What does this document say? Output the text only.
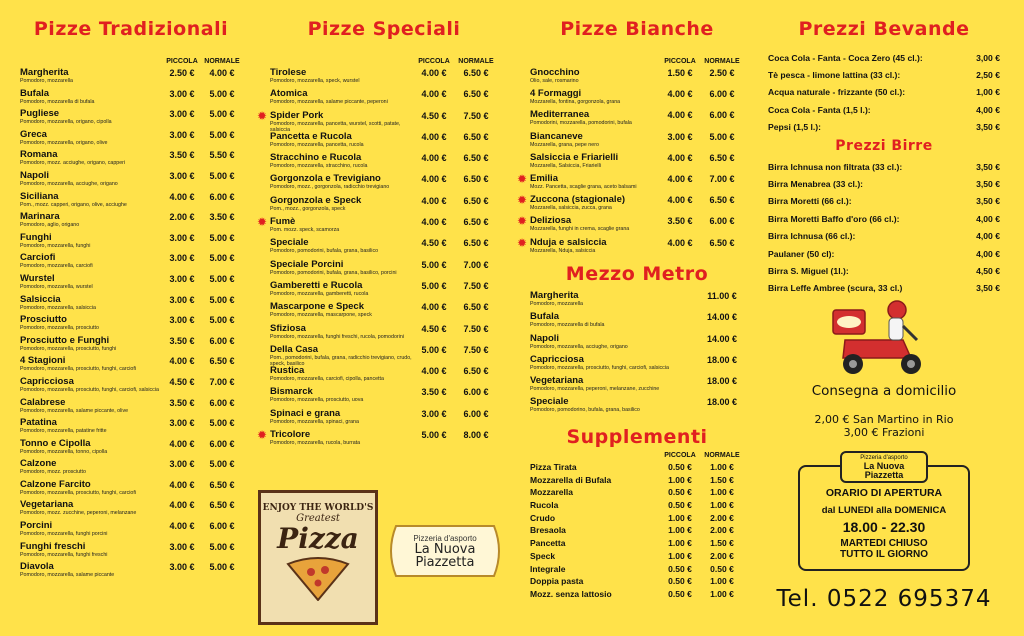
Pizze Tradizionali
PICCOLA NORMALE
Margherita
Pomodoro, mozzarella
2.50 €	4.00 €
Bufala
Pomodoro, mozzarella di bufala
3.00 €	5.00 €
Pugliese
Pomodoro, mozzarella, origano, cipolla
3.00 €	5.00 €
Greca
Pomodoro, mozzarella, origano, olive
3.00 €	5.00 €
Romana
Pomodoro, mozz. acciughe, origano, capperi
3.50 €	5.50 €
Napoli
Pomodoro, mozzarella, acciughe, origano
3.00 €	5.00 €
Siciliana
Pom., mozz. capperi, origano, olive, acciughe
4.00 €	6.00 €
Marinara
Pomodoro, aglio, origano
2.00 €	3.50 €
Funghi
Pomodoro, mozzarella, funghi
3.00 €	5.00 €
Carciofi
Pomodoro, mozzarella, carciofi
3.00 €	5.00 €
Wurstel
Pomodoro, mozzarella, wurstel
3.00 €	5.00 €
Salsiccia
Pomodoro, mozzarella, salsiccia
3.00 €	5.00 €
Prosciutto
Pomodoro, mozzarella, prosciutto
3.00 €	5.00 €
Prosciutto e Funghi
Pomodoro, mozzarella, prosciutto, funghi
3.50 €	6.00 €
4 Stagioni
Pomodoro, mozzarella, prosciutto, funghi, carciofi
4.00 €	6.50 €
Capricciosa
Pomodoro, mozzarella, prosciutto, funghi, carciofi, salsiccia
4.50 €	7.00 €
Calabrese
Pomodoro, mozzarella, salame piccante, olive
3.50 €	6.00 €
Patatina
Pomodoro, mozzarella, patatine fritte
3.00 €	5.00 €
Tonno e Cipolla
Pomodoro, mozzarella, tonno, cipolla
4.00 €	6.00 €
Calzone
Pomodoro, mozz. prosciutto
3.00 €	5.00 €
Calzone Farcito
Pomodoro, mozzarella, prosciutto, funghi, carciofi
4.00 €	6.50 €
Vegetariana
Pomodoro, mozz. zucchine, peperoni, melanzane
4.00 €	6.50 €
Porcini
Pomodoro, mozzarella, funghi porcini
4.00 €	6.00 €
Funghi freschi
Pomodoro, mozzarella, funghi freschi
3.00 €	5.00 €
Diavola
Pomodoro, mozzarella, salame piccante
3.00 €	5.00 €
Pizze Speciali
PICCOLA	NORMALE
Tirolese
Pomodoro, mozzarella, speck, wurstel
4.00 €	6.50 €
Atomica
Pomodoro, mozzarella, salame piccante, peperoni
4.00 €	6.50 €
Spider Pork
Pomodoro, mozzarella, pancetta, wurstel, scotti, patate, salsiccia
4.50 €	7.50 €
✹
Pancetta e Rucola
Pomodoro, mozzarella, pancetta, rucola
4.00 €	6.50 €
Stracchino e Rucola
Pomodoro, mozzarella, stracchino, rucola
4.00 €	6.50 €
Gorgonzola e Trevigiano
Pomodoro, mozz., gorgonzola, radicchio trevigiano
4.00 €	6.50 €
Gorgonzola e Speck
Pom., mozz., gorgonzola, speck
4.00 €	6.50 €
Fumè
Pom. mozz. speck, scamorza
4.00 €	6.50 €
✹
Speciale
Pomodoro, pomodorini, bufala, grana, basilico
4.50 €	6.50 €
Speciale Porcini
Pomodoro, pomodorini, bufala, grana, basilico, porcini
5.00 €	7.00 €
Gamberetti e Rucola
Pomodoro, mozzarella, gamberetti, rucola
5.00 €	7.50 €
Mascarpone e Speck
Pomodoro, mozzarella, mascarpone, speck
4.00 €	6.50 €
Sfiziosa
Pomodoro, mozzarella, funghi freschi, rucola, pomodorini
4.50 €	7.50 €
Della Casa
Pom., pomodorini, bufala, grana, radicchio trevigiano, crudo, speck, basilico
5.00 €	7.50 €
Rustica
Pomodoro, mozzarella, carciofi, cipolla, pancetta
4.00 €	6.50 €
Bismarck
Pomodoro, mozzarella, prosciutto, uova
3.50 €	6.00 €
Spinaci e grana
Pomodoro, mozzarella, spinaci, grana
3.00 €	6.00 €
Tricolore
Pomodoro, mozzarella, rucola, burrata
5.00 €	8.00 €
✹
ENJOY THE WORLD'S
Greatest
Pizza	Pizzeria d'asporto
La Nuova
Piazzetta
Pizze Bianche
PICCOLA	NORMALE
Gnocchino
Olio, sale, rosmarino
1.50 €	2.50 €
4 Formaggi
Mozzarella, fontina, gorgonzola, grana
4.00 €	6.00 €
Mediterranea
Pomodorini, mozzarella, pomodorini, bufala
4.00 €	6.00 €
Biancaneve
Mozzarella, grana, pepe nero
3.00 €	5.00 €
Salsiccia e Friarielli
Mozzarella, Salsiccia, Friarielli
4.00 €	6.50 €
Emilia
Mozz. Pancetta, scaglie grana, aceto balsami
4.00 €	7.00 €
✹
Zuccona (stagionale)
Mozzarella, salsiccia, zucca, grana
4.00 €	6.50 €
✹
Deliziosa
Mozzarella, funghi in crema, scaglie grana
3.50 €	6.00 €
✹
Nduja e salsiccia
Mozzarella, Nduja, salsiccia
4.00 €	6.50 €
✹
Mezzo Metro
Margherita
Pomodoro, mozzarella
11.00 €
Bufala
Pomodoro, mozzarella di bufala
14.00 €
Napoli
Pomodoro, mozzarella, acciughe, origano
14.00 €
Capricciosa
Pomodoro, mozzarella, prosciutto, funghi, carciofi, salsiccia
18.00 €
Vegetariana
Pomodoro, mozzarella, peperoni, melanzane, zucchine
18.00 €
Speciale
Pomodoro, pomodorino, bufala, grana, basilico
18.00 €
Supplementi
PICCOLA	NORMALE
Pizza Tirata	0.50 €	1.00 €
Mozzarella di Bufala	1.00 €	1.50 €
Mozzarella	0.50 €	1.00 €
Rucola	0.50 €	1.00 €
Crudo	1.00 €	2.00 €
Bresaola	1.00 €	2.00 €
Pancetta	1.00 €	1.50 €
Speck	1.00 €	2.00 €
Integrale	0.50 €	0.50 €
Doppia pasta	0.50 €	1.00 €
Mozz. senza lattosio	0.50 €	1.00 €
Prezzi Bevande
Coca Cola - Fanta - Coca Zero (45 cl.):	3,00 €
Tè pesca - limone lattina (33 cl.):	2,50 €
Acqua naturale - frizzante (50 cl.):	1,00 €
Coca Cola - Fanta (1,5 l.):	4,00 €
Pepsi (1,5 l.):	3,50 €
Prezzi Birre
Birra Ichnusa non filtrata (33 cl.):	3,50 €
Birra Menabrea (33 cl.):	3,50 €
Birra Moretti (66 cl.):	3,50 €
Birra Moretti Baffo d'oro (66 cl.):	4,00 €
Birra Ichnusa (66 cl.):	4,00 €
Paulaner (50 cl):	4,00 €
Birra S. Miguel (1l.):	4,50 €
Birra Leffe Ambree (scura, 33 cl.)	3,50 €
Consegna a domicilio
2,00 € San Martino in Rio
3,00 € Frazioni
Pizzeria d'asporto
La Nuova
Piazzetta
ORARIO DI APERTURA
dal LUNEDI alla DOMENICA
18.00 - 22.30
MARTEDI CHIUSO
TUTTO IL GIORNO
Tel. 0522 695374
